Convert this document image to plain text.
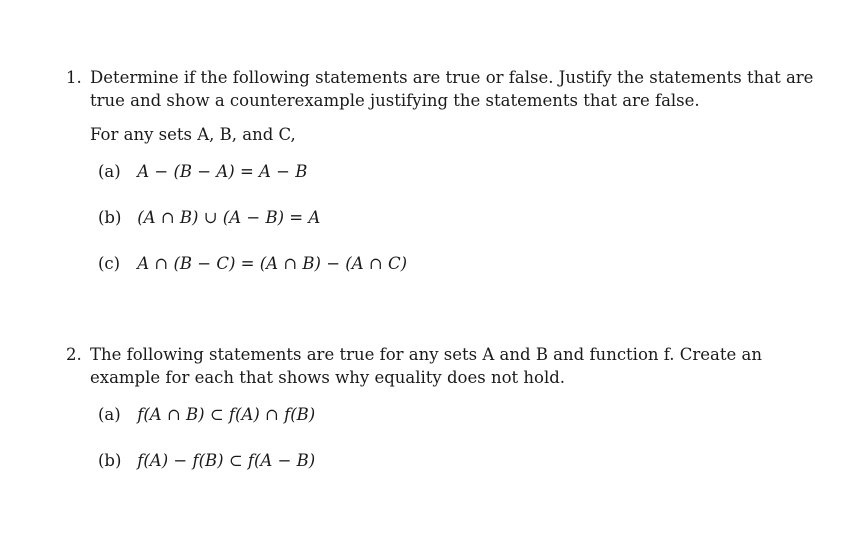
1. Determine if the following statements are true or false. Justify the statements that are
true and show a counterexample justifying the statements that are false.
For any sets A, B, and C,
(a) A − (B − A) = A − B
(b) (A ∩ B) ∪ (A − B) = A
(c) A ∩ (B − C) = (A ∩ B) − (A ∩ C)
2. The following statements are true for any sets A and B and function f. Create an
example for each that shows why equality does not hold.
(a) f(A ∩ B) ⊂ f(A) ∩ f(B)
(b) f(A) − f(B) ⊂ f(A − B)
